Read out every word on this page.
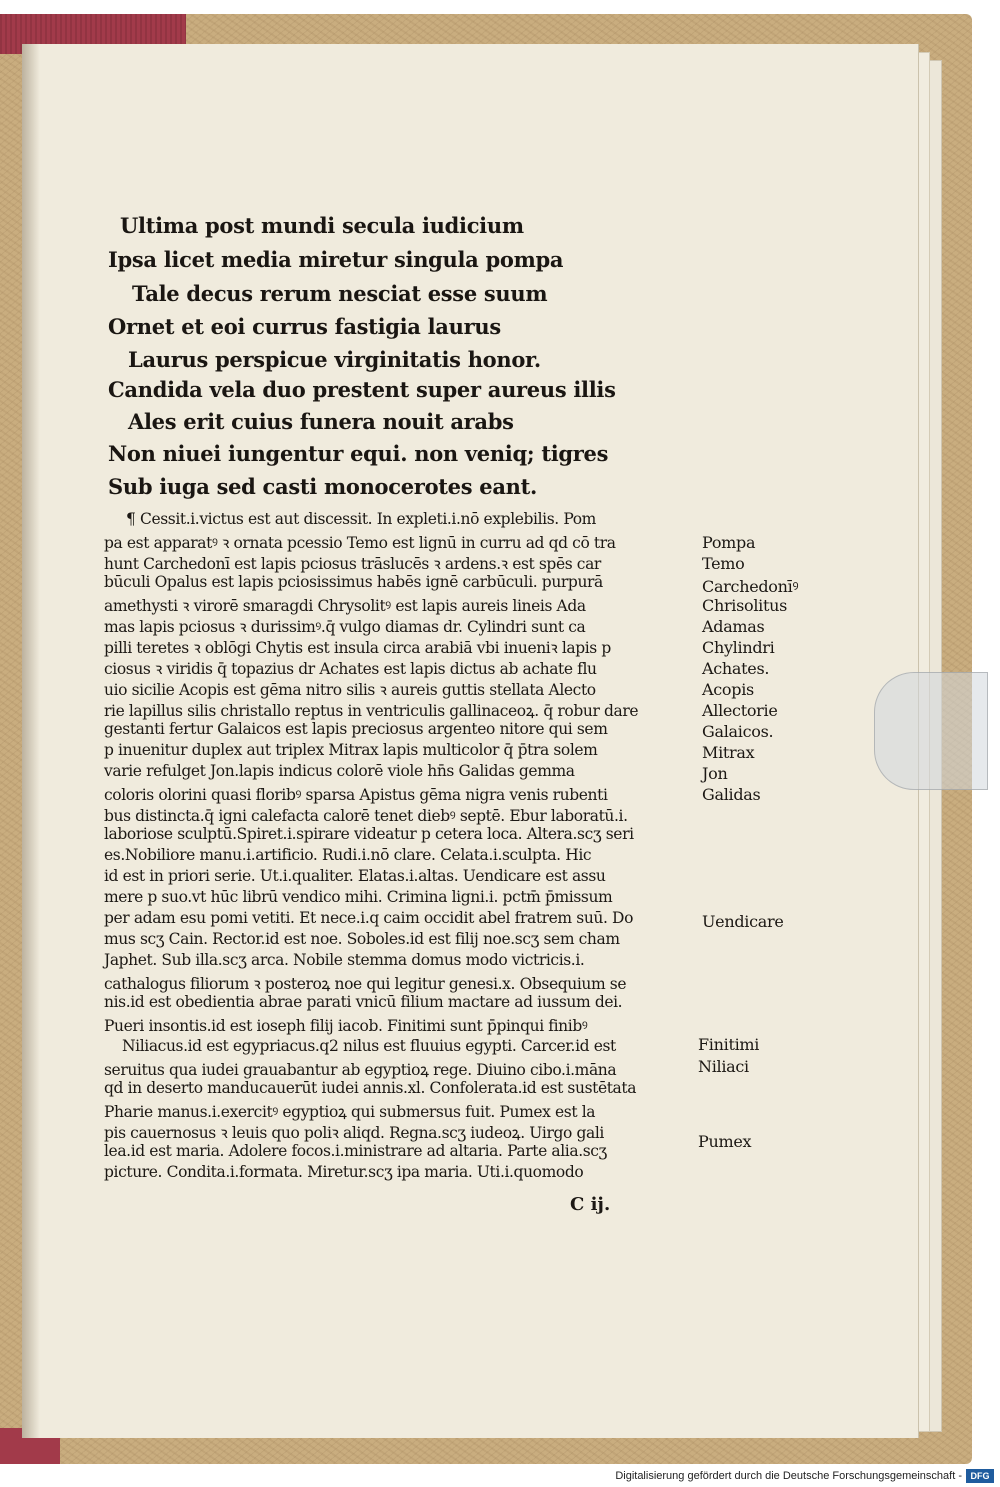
Ultima post mundi secula iudicium
Ipsa licet media miretur singula pompa
Tale decus rerum nesciat esse suum
Ornet et eoi currus fastigia laurus
Laurus perspicue virginitatis honor.
Candida vela duo prestent super aureus illis
Ales erit cuius funera nouit arabs
Non niuei iungentur equi. non veniq; tigres
Sub iuga sed casti monocerotes eant.
¶ Cessit.i.victus est aut discessit. In expleti.i.nō explebilis. Pom
pa est apparatꝰ ꝛ ornata pcessio Temo est lignū in curru ad qd cō tra
hunt Carchedonī est lapis pciosus trāslucēs ꝛ ardens.ꝛ est spēs car
būculi Opalus est lapis pciosissimus habēs ignē carbūculi. purpurā
amethysti ꝛ virorē smaragdi Chrysolitꝰ est lapis aureis lineis Ada
mas lapis pciosus ꝛ durissimꝰ.q̄ vulgo diamas dr. Cylindri sunt ca
pilli teretes ꝛ oblōgi Chytis est insula circa arabiā vbi inueniꝛ lapis p
ciosus ꝛ viridis q̄ topazius dr Achates est lapis dictus ab achate flu
uio sicilie Acopis est gēma nitro silis ꝛ aureis guttis stellata Alecto
rie lapillus silis christallo reptus in ventriculis gallinaceoꝝ. q̄ robur dare
gestanti fertur Galaicos est lapis preciosus argenteo nitore qui sem
p inuenitur duplex aut triplex Mitrax lapis multicolor q̄ p̄tra solem
varie refulget Jon.lapis indicus colorē viole hn̄s Galidas gemma
coloris olorini quasi floribꝰ sparsa Apistus gēma nigra venis rubenti
bus distincta.q̄ igni calefacta calorē tenet diebꝰ septē. Ebur laboratū.i.
laboriose sculptū.Spiret.i.spirare videatur p cetera loca. Altera.scʒ seri
es.Nobiliore manu.i.artificio. Rudi.i.nō clare. Celata.i.sculpta. Hic
id est in priori serie. Ut.i.qualiter. Elatas.i.altas. Uendicare est assu
mere p suo.vt hūc librū vendico mihi. Crimina ligni.i. pctm̄ p̄missum
per adam esu pomi vetiti. Et nece.i.q caim occidit abel fratrem suū. Do
mus scʒ Cain. Rector.id est noe. Soboles.id est filij noe.scʒ sem cham
Japhet. Sub illa.scʒ arca. Nobile stemma domus modo victricis.i.
cathalogus filiorum ꝛ posteroꝝ noe qui legitur genesi.x. Obsequium se
nis.id est obedientia abrae parati vnicū filium mactare ad iussum dei.
Pueri insontis.id est ioseph filij iacob. Finitimi sunt p̄pinqui finibꝰ
Niliacus.id est egypriacus.q2 nilus est fluuius egypti. Carcer.id est
seruitus qua iudei grauabantur ab egyptioꝝ rege. Diuino cibo.i.māna
qd in deserto manducauerūt iudei annis.xl. Confolerata.id est sustētata
Pharie manus.i.exercitꝰ egyptioꝝ qui submersus fuit. Pumex est la
pis cauernosus ꝛ leuis quo poliꝛ aliqd. Regna.scʒ iudeoꝝ. Uirgo gali
lea.id est maria. Adolere focos.i.ministrare ad altaria. Parte alia.scʒ
picture. Condita.i.formata. Miretur.scʒ ipa maria. Uti.i.quomodo
Pompa
Temo
Carchedonīꝰ
Chrisolitus
Adamas
Chylindri
Achates.
Acopis
Allectorie
Galaicos.
Mitrax
Jon
Galidas
Uendicare
Finitimi
Niliaci
Pumex
C ij.
Digitalisierung gefördert durch die Deutsche Forschungsgemeinschaft - DFG
